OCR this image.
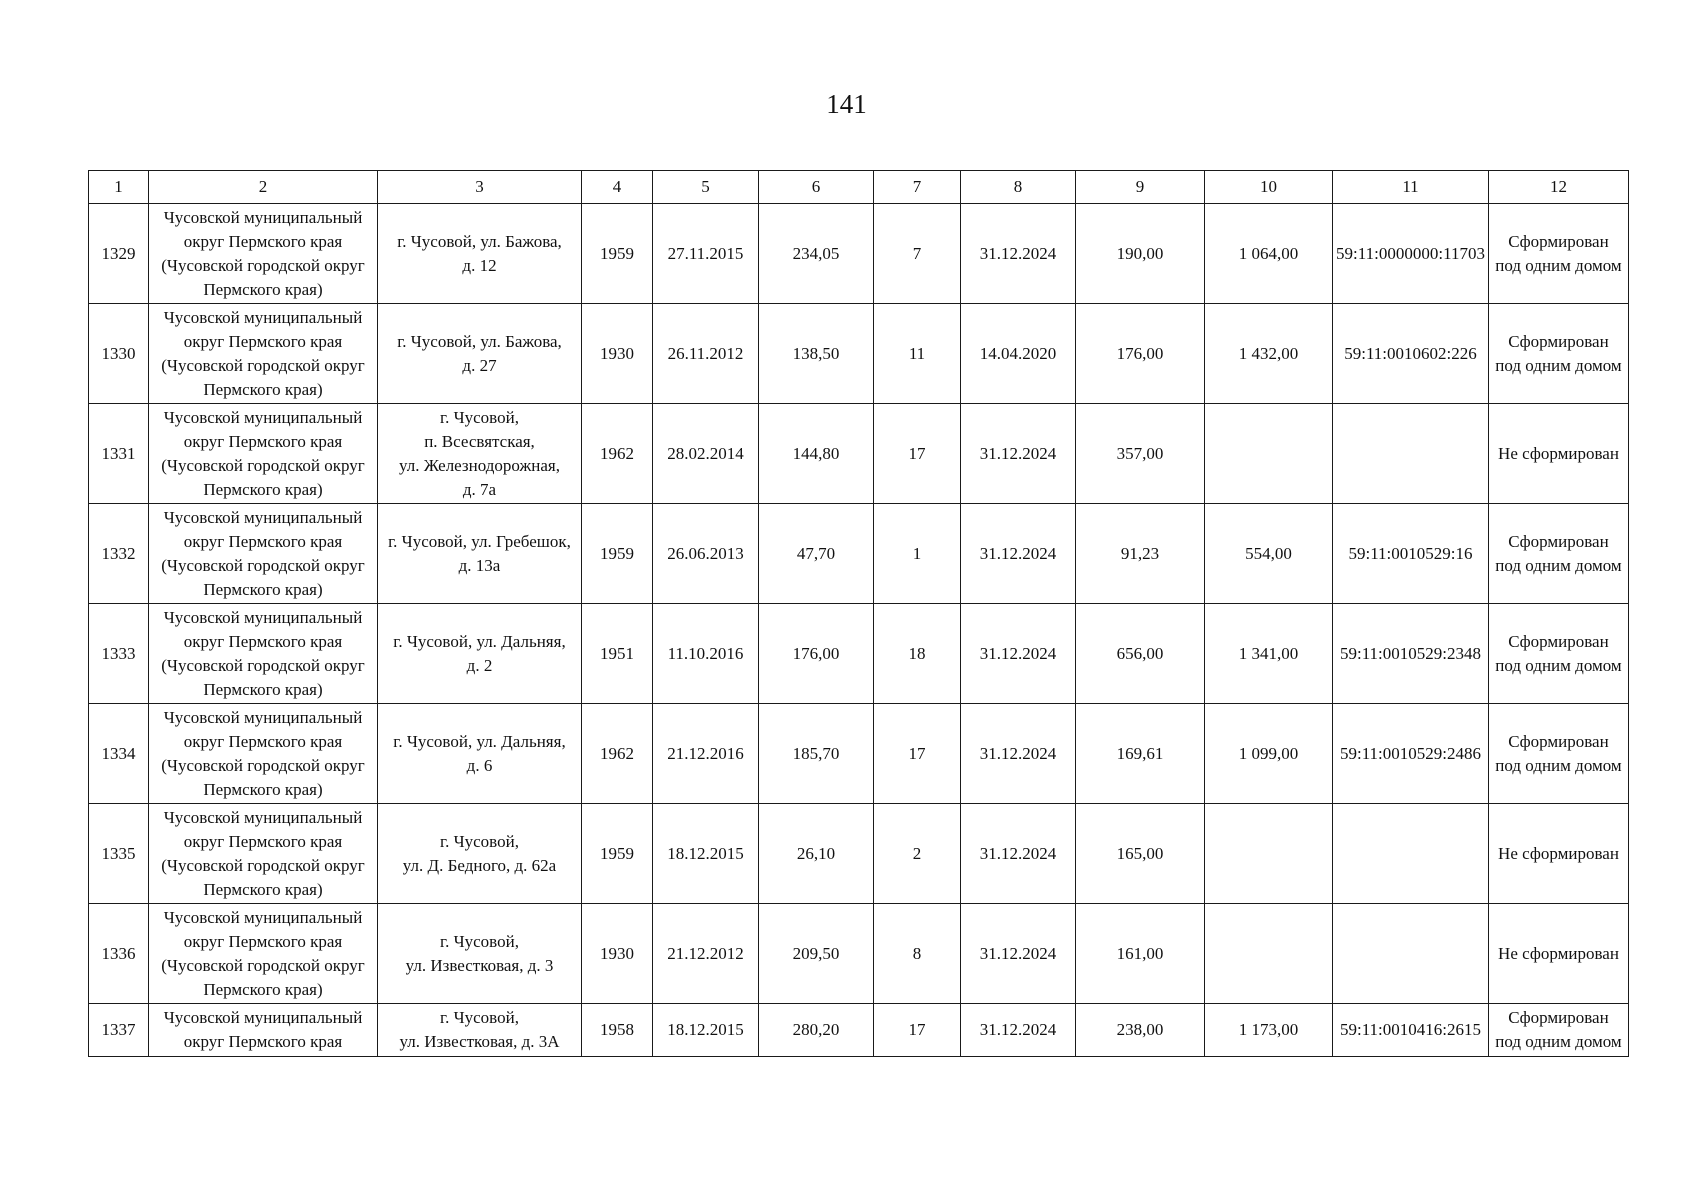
141
1	2	3	4	5	6	7	8	9	10	11	12
1329	Чусовской муниципальный
округ Пермского края
(Чусовской городской округ
Пермского края)	г. Чусовой, ул. Бажова,
д. 12	1959	27.11.2015	234,05	7	31.12.2024	190,00	1 064,00	59:11:0000000:11703	Сформирован
под одним домом
1330	Чусовской муниципальный
округ Пермского края
(Чусовской городской округ
Пермского края)	г. Чусовой, ул. Бажова,
д. 27	1930	26.11.2012	138,50	11	14.04.2020	176,00	1 432,00	59:11:0010602:226	Сформирован
под одним домом
1331	Чусовской муниципальный
округ Пермского края
(Чусовской городской округ
Пермского края)	г. Чусовой,
п. Всесвятская,
ул. Железнодорожная,
д. 7а	1962	28.02.2014	144,80	17	31.12.2024	357,00			Не сформирован
1332	Чусовской муниципальный
округ Пермского края
(Чусовской городской округ
Пермского края)	г. Чусовой, ул. Гребешок,
д. 13а	1959	26.06.2013	47,70	1	31.12.2024	91,23	554,00	59:11:0010529:16	Сформирован
под одним домом
1333	Чусовской муниципальный
округ Пермского края
(Чусовской городской округ
Пермского края)	г. Чусовой, ул. Дальняя,
д. 2	1951	11.10.2016	176,00	18	31.12.2024	656,00	1 341,00	59:11:0010529:2348	Сформирован
под одним домом
1334	Чусовской муниципальный
округ Пермского края
(Чусовской городской округ
Пермского края)	г. Чусовой, ул. Дальняя,
д. 6	1962	21.12.2016	185,70	17	31.12.2024	169,61	1 099,00	59:11:0010529:2486	Сформирован
под одним домом
1335	Чусовской муниципальный
округ Пермского края
(Чусовской городской округ
Пермского края)	г. Чусовой,
ул. Д. Бедного, д. 62а	1959	18.12.2015	26,10	2	31.12.2024	165,00			Не сформирован
1336	Чусовской муниципальный
округ Пермского края
(Чусовской городской округ
Пермского края)	г. Чусовой,
ул. Известковая, д. 3	1930	21.12.2012	209,50	8	31.12.2024	161,00			Не сформирован
1337	Чусовской муниципальный
округ Пермского края	г. Чусовой,
ул. Известковая, д. 3А	1958	18.12.2015	280,20	17	31.12.2024	238,00	1 173,00	59:11:0010416:2615	Сформирован
под одним домом
